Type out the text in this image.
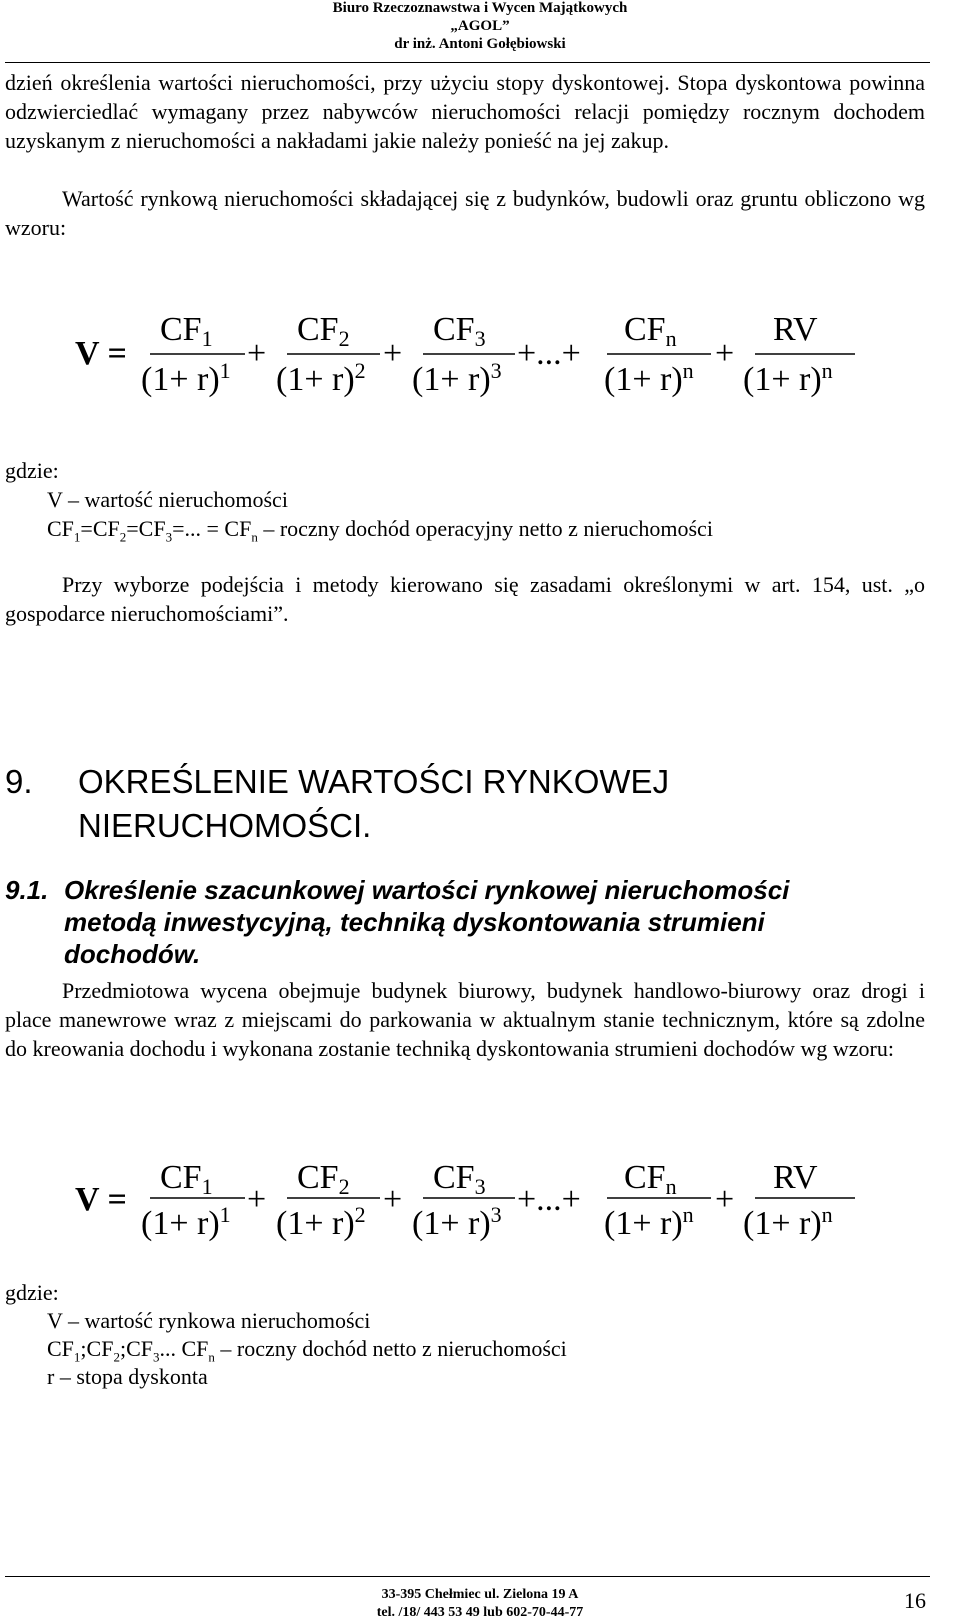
Biuro Rzeczoznawstwa i Wycen Majątkowych
„AGOL”
dr inż. Antoni Gołębiowski

dzień określenia wartości nieruchomości, przy użyciu stopy dyskontowej. Stopa dyskontowa powinna odzwierciedlać wymagany przez nabywców nieruchomości relacji pomiędzy rocznym dochodem uzyskanym z nieruchomości a nakładami jakie należy ponieść na jej zakup.

Wartość rynkową nieruchomości składającej się z budynków, budowli oraz gruntu obliczono wg wzoru:

V =
CF1
$(1+ r)^1$ +
CF2
$(1+ r)^2$ +
CF3
$(1+ r)^3$ +...+
CFn
$(1+ r)^n$ +
RV
$(1+ r)^n$
gdzie:
V – wartość nieruchomości
$CF_1=CF_2=CF_3=$... = $CF_n$ – roczny dochód operacyjny netto z nieruchomości

Przy wyborze podejścia i metody kierowano się zasadami określonymi w art. 154, ust. „o gospodarce nieruchomościami”.

9. OKREŚLENIE WARTOŚCI RYNKOWEJ
NIERUCHOMOŚCI.
9.1. Określenie szacunkowej wartości rynkowej nieruchomości
metodą inwestycyjną, techniką dyskontowania strumieni
dochodów.

Przedmiotowa wycena obejmuje budynek biurowy, budynek handlowo-biurowy oraz drogi i place manewrowe wraz z miejscami do parkowania w aktualnym stanie technicznym, które są zdolne do kreowania dochodu i wykonana zostanie techniką dyskontowania strumieni dochodów wg wzoru:

V =
CF1
$(1+ r)^1$ +
CF2
$(1+ r)^2$ +
CF3
$(1+ r)^3$ +...+
CFn
$(1+ r)^n$ +
RV
$(1+ r)^n$
gdzie:
V – wartość rynkowa nieruchomości
$CF_1;CF_2;CF_3$... $CF_n$ – roczny dochód netto z nieruchomości
r – stopa dyskonta
33-395 Chełmiec ul. Zielona 19 A
tel. /18/ 443 53 49 lub 602-70-44-77	16
